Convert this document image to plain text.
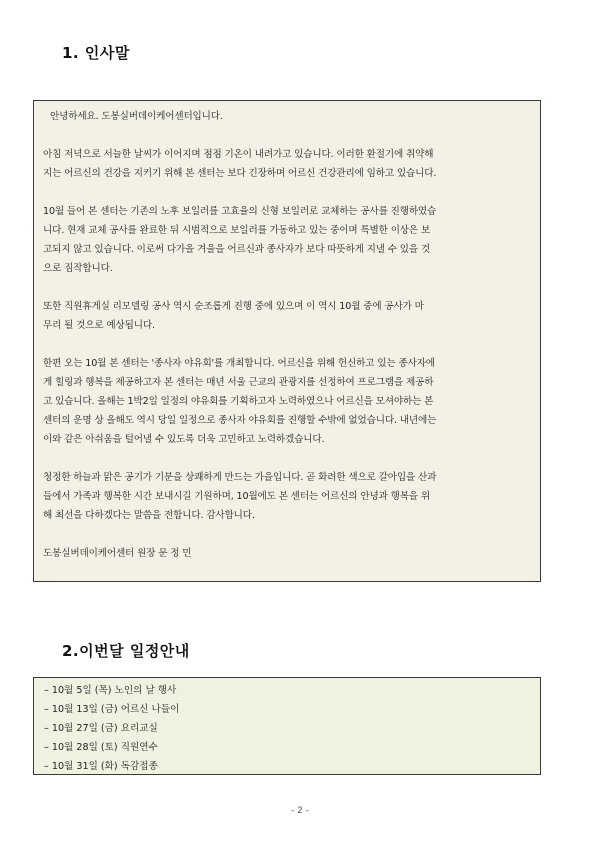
1. 인사말

안녕하세요. 도봉실버데이케어센터입니다.

아침 저녁으로 서늘한 날씨가 이어지며 점점 기온이 내려가고 있습니다. 이러한 환절기에 취약해
지는 어르신의 건강을 지키기 위해 본 센터는 보다 긴장하며 어르신 건강관리에 임하고 있습니다.

10월 들어 본 센터는 기존의 노후 보일러를 고효율의 신형 보일러로 교체하는 공사를 진행하였습
니다. 현재 교체 공사를 완료한 뒤 시범적으로 보일러를 가동하고 있는 중이며 특별한 이상은 보
고되지 않고 있습니다. 이로써 다가올 겨울을 어르신과 종사자가 보다 따뜻하게 지낼 수 있을 것
으로 짐작합니다.

또한 직원휴게실 리모델링 공사 역시 순조롭게 진행 중에 있으며 이 역시 10월 중에 공사가 마
무리 될 것으로 예상됩니다.

한편 오는 10월 본 센터는 '종사자 야유회'를 개최합니다. 어르신을 위해 헌신하고 있는 종사자에
게 힐링과 행복을 제공하고자 본 센터는 매년 서울 근교의 관광지를 선정하여 프로그램을 제공하
고 있습니다. 올해는 1박2일 일정의 야유회를 기획하고자 노력하였으나 어르신을 모셔야하는 본
센터의 운명 상 올해도 역시 당일 일정으로 종사자 야유회를 진행할 수밖에 없었습니다. 내년에는
이와 같은 아쉬움을 털어낼 수 있도록 더욱 고민하고 노력하겠습니다.

청정한 하늘과 맑은 공기가 기분을 상쾌하게 만드는 가을입니다. 곧 화려한 색으로 갈아입을 산과
들에서 가족과 행복한 시간 보내시길 기원하며, 10월에도 본 센터는 어르신의 안녕과 행복을 위
해 최선을 다하겠다는 말씀을 전합니다. 감사합니다.

도봉실버데이케어센터 원장 문 정 민

2.이번달 일정안내
– 10월 5일 (목) 노인의 날 행사
– 10월 13일 (금) 어르신 나들이
– 10월 27일 (금) 요리교실
– 10월 28일 (토) 직원연수
– 10월 31일 (화) 독감접종
- 2 -
